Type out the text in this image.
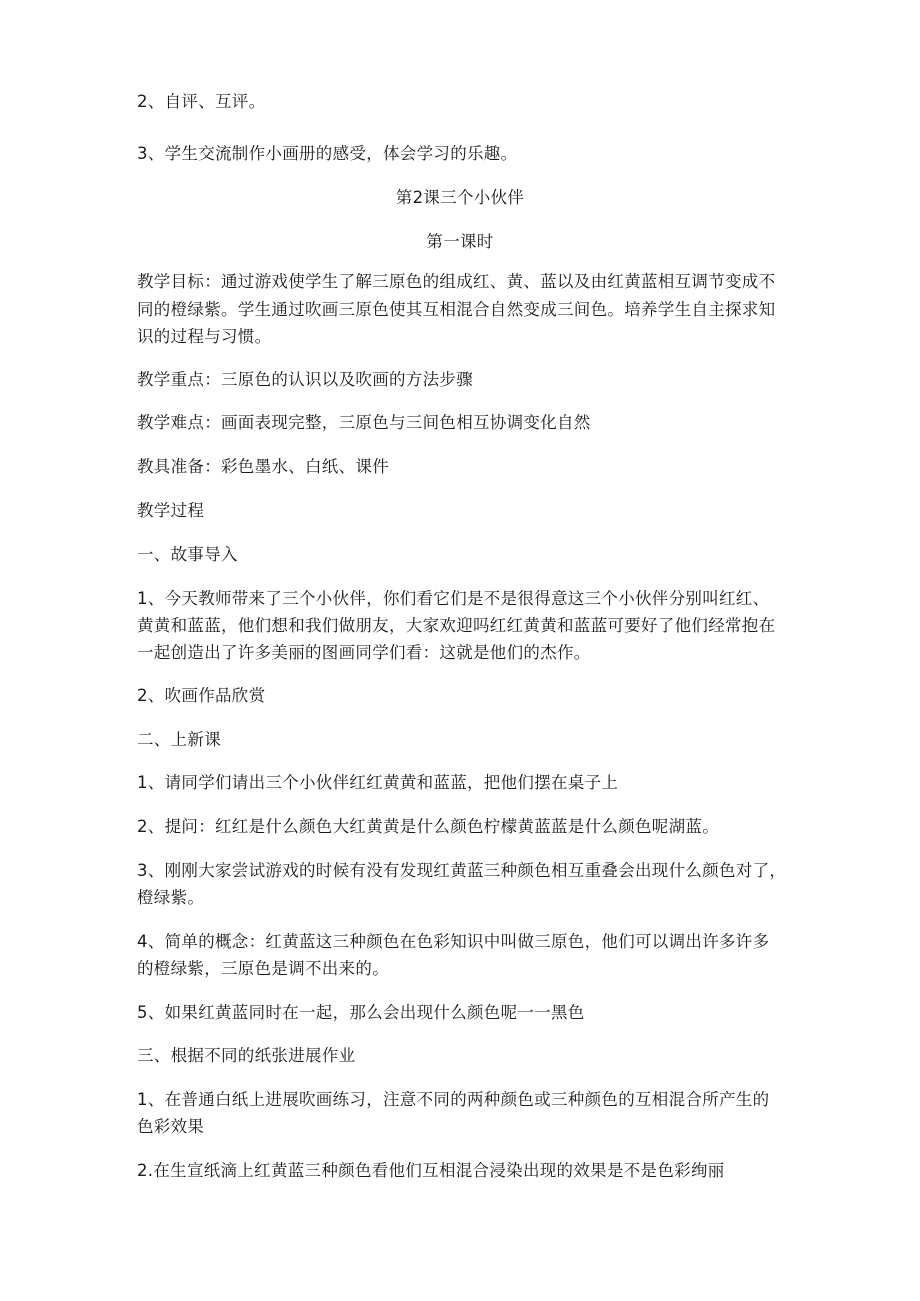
2、自评、互评。
3、学生交流制作小画册的感受，体会学习的乐趣。
第2课三个小伙伴
第一课时
教学目标：通过游戏使学生了解三原色的组成红、黄、蓝以及由红黄蓝相互调节变成不
同的橙绿紫。学生通过吹画三原色使其互相混合自然变成三间色。培养学生自主探求知
识的过程与习惯。
教学重点：三原色的认识以及吹画的方法步骤
教学难点：画面表现完整，三原色与三间色相互协调变化自然
教具准备：彩色墨水、白纸、课件
教学过程
一、故事导入
1、今天教师带来了三个小伙伴，你们看它们是不是很得意这三个小伙伴分别叫红红、
黄黄和蓝蓝，他们想和我们做朋友，大家欢迎吗红红黄黄和蓝蓝可要好了他们经常抱在
一起创造出了许多美丽的图画同学们看：这就是他们的杰作。
2、吹画作品欣赏
二、上新课
1、请同学们请出三个小伙伴红红黄黄和蓝蓝，把他们摆在桌子上
2、提问：红红是什么颜色大红黄黄是什么颜色柠檬黄蓝蓝是什么颜色呢湖蓝。
3、刚刚大家尝试游戏的时候有没有发现红黄蓝三种颜色相互重叠会出现什么颜色对了，
橙绿紫。
4、简单的概念：红黄蓝这三种颜色在色彩知识中叫做三原色，他们可以调出许多许多
的橙绿紫，三原色是调不出来的。
5、如果红黄蓝同时在一起，那么会出现什么颜色呢一一黑色
三、根据不同的纸张进展作业
1、在普通白纸上进展吹画练习，注意不同的两种颜色或三种颜色的互相混合所产生的
色彩效果
2.在生宣纸滴上红黄蓝三种颜色看他们互相混合浸染出现的效果是不是色彩绚丽
